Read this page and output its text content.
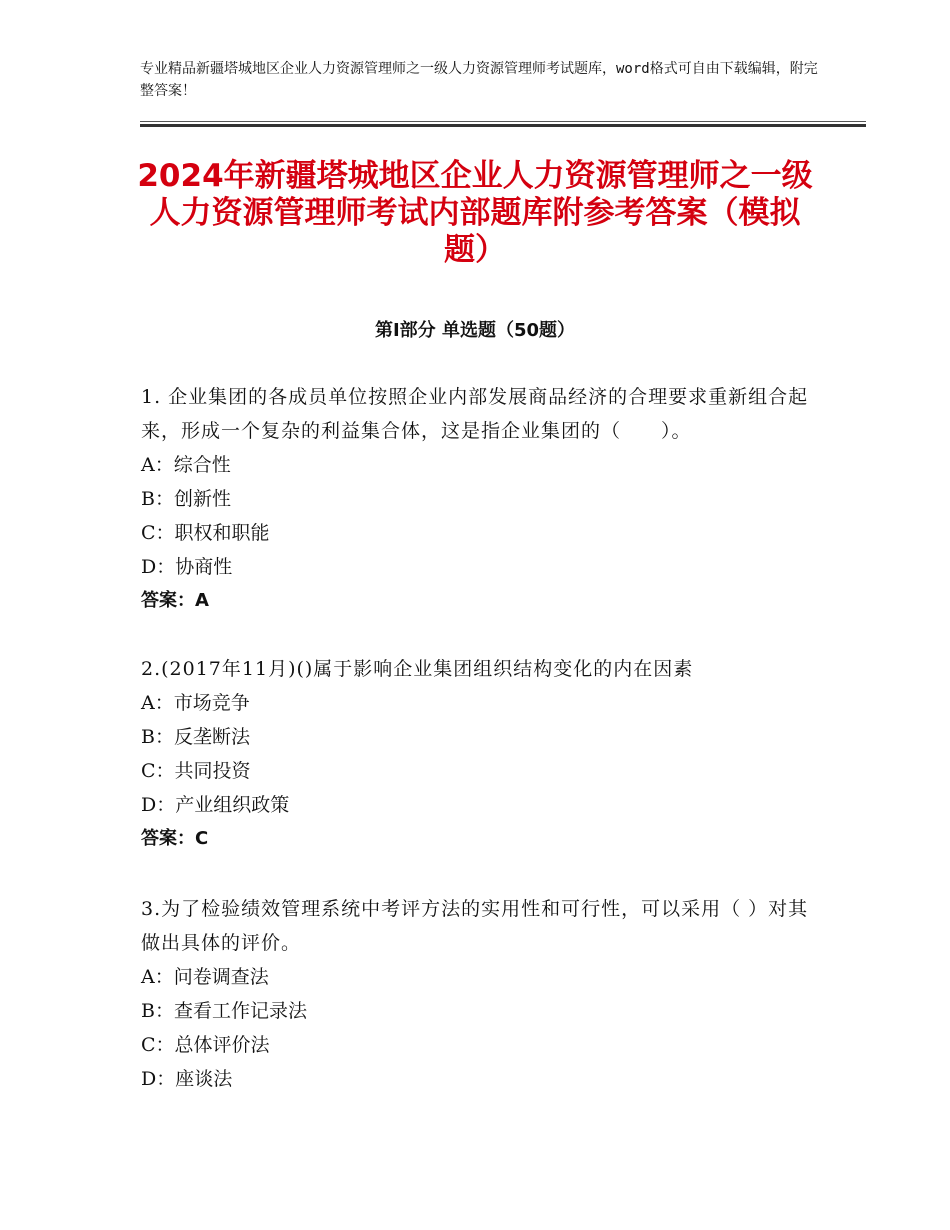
专业精品新疆塔城地区企业人力资源管理师之一级人力资源管理师考试题库，word格式可自由下载编辑，附完整答案！
2024年新疆塔城地区企业人力资源管理师之一级人力资源管理师考试内部题库附参考答案（模拟题）
第Ⅰ部分 单选题（50题）
1. 企业集团的各成员单位按照企业内部发展商品经济的合理要求重新组合起来，形成一个复杂的利益集合体，这是指企业集团的（　　）。
A：综合性
B：创新性
C：职权和职能
D：协商性
答案：A
2.(2017年11月)()属于影响企业集团组织结构变化的内在因素
A：市场竞争
B：反垄断法
C：共同投资
D：产业组织政策
答案：C
3.为了检验绩效管理系统中考评方法的实用性和可行性，可以采用（ ）对其做出具体的评价。
A：问卷调查法
B：查看工作记录法
C：总体评价法
D：座谈法
